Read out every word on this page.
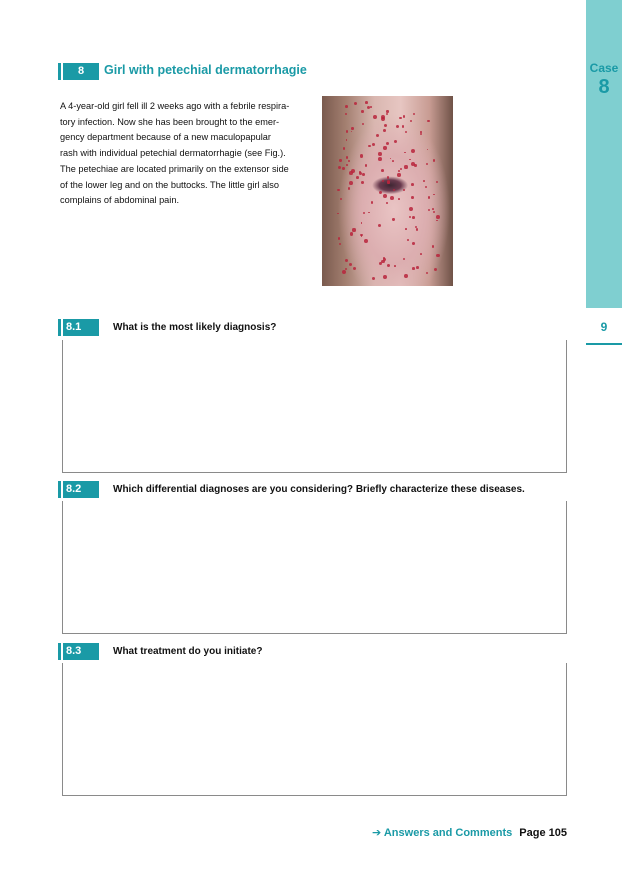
Case
8
9
8	Girl with petechial dermatorrhagie
A 4-year-old girl fell ill 2 weeks ago with a febrile respira-
tory infection. Now she has been brought to the emer-
gency department because of a new maculopapular
rash with individual petechial dermatorrhagie (see Fig.).
The petechiae are located primarily on the extensor side
of the lower leg and on the buttocks. The little girl also
complains of abdominal pain.
8.1	What is the most likely diagnosis?
8.2	Which differential diagnoses are you considering? Briefly characterize these diseases.
8.3	What treatment do you initiate?
➔ Answers and Comments Page 105
